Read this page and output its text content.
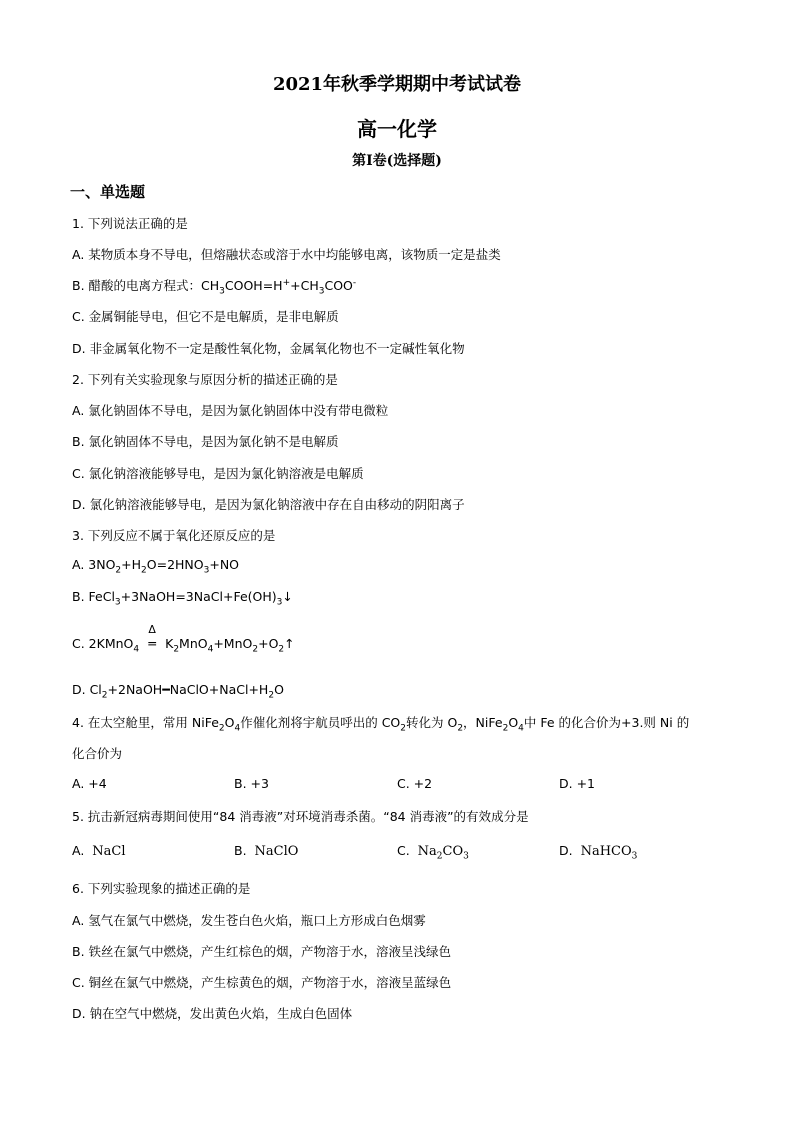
2021年秋季学期期中考试试卷
高一化学
第Ⅰ卷(选择题)
一、单选题
1. 下列说法正确的是
A. 某物质本身不导电，但熔融状态或溶于水中均能够电离，该物质一定是盐类
B. 醋酸的电离方程式：$CH_3COOH=H^++CH_3COO^-$
C. 金属铜能导电，但它不是电解质，是非电解质
D. 非金属氧化物不一定是酸性氧化物，金属氧化物也不一定碱性氧化物
2. 下列有关实验现象与原因分析的描述正确的是
A. 氯化钠固体不导电，是因为氯化钠固体中没有带电微粒
B. 氯化钠固体不导电，是因为氯化钠不是电解质
C. 氯化钠溶液能够导电，是因为氯化钠溶液是电解质
D. 氯化钠溶液能够导电，是因为氯化钠溶液中存在自由移动的阴阳离子
3. 下列反应不属于氧化还原反应的是
A. $3NO_2+H_2O=2HNO_3+NO$
B. $FeCl_3+3NaOH=3NaCl+Fe(OH)_3↓$
C. 2KMnO$_4$
Δ
═ $K_2MnO_4+MnO_2+O_2↑$
D. $Cl_2+2NaOH━NaClO+NaCl+H_2O$
4. 在太空舱里，常用 $NiFe_2O_4$作催化剂将宇航员呼出的 $CO_2$转化为 $O_2$，$NiFe_2O_4$中 Fe 的化合价为+3.则 Ni 的
化合价为
A. +4	B. +3	C. +2	D. +1
5. 抗击新冠病毒期间使用“84 消毒液”对环境消毒杀菌。“84 消毒液”的有效成分是
A. NaCl	B. NaClO	C. $Na_2CO_3$	D. NaHCO$_3$
6. 下列实验现象的描述正确的是
A. 氢气在氯气中燃烧，发生苍白色火焰，瓶口上方形成白色烟雾
B. 铁丝在氯气中燃烧，产生红棕色的烟，产物溶于水，溶液呈浅绿色
C. 铜丝在氯气中燃烧，产生棕黄色的烟，产物溶于水，溶液呈蓝绿色
D. 钠在空气中燃烧，发出黄色火焰，生成白色固体
